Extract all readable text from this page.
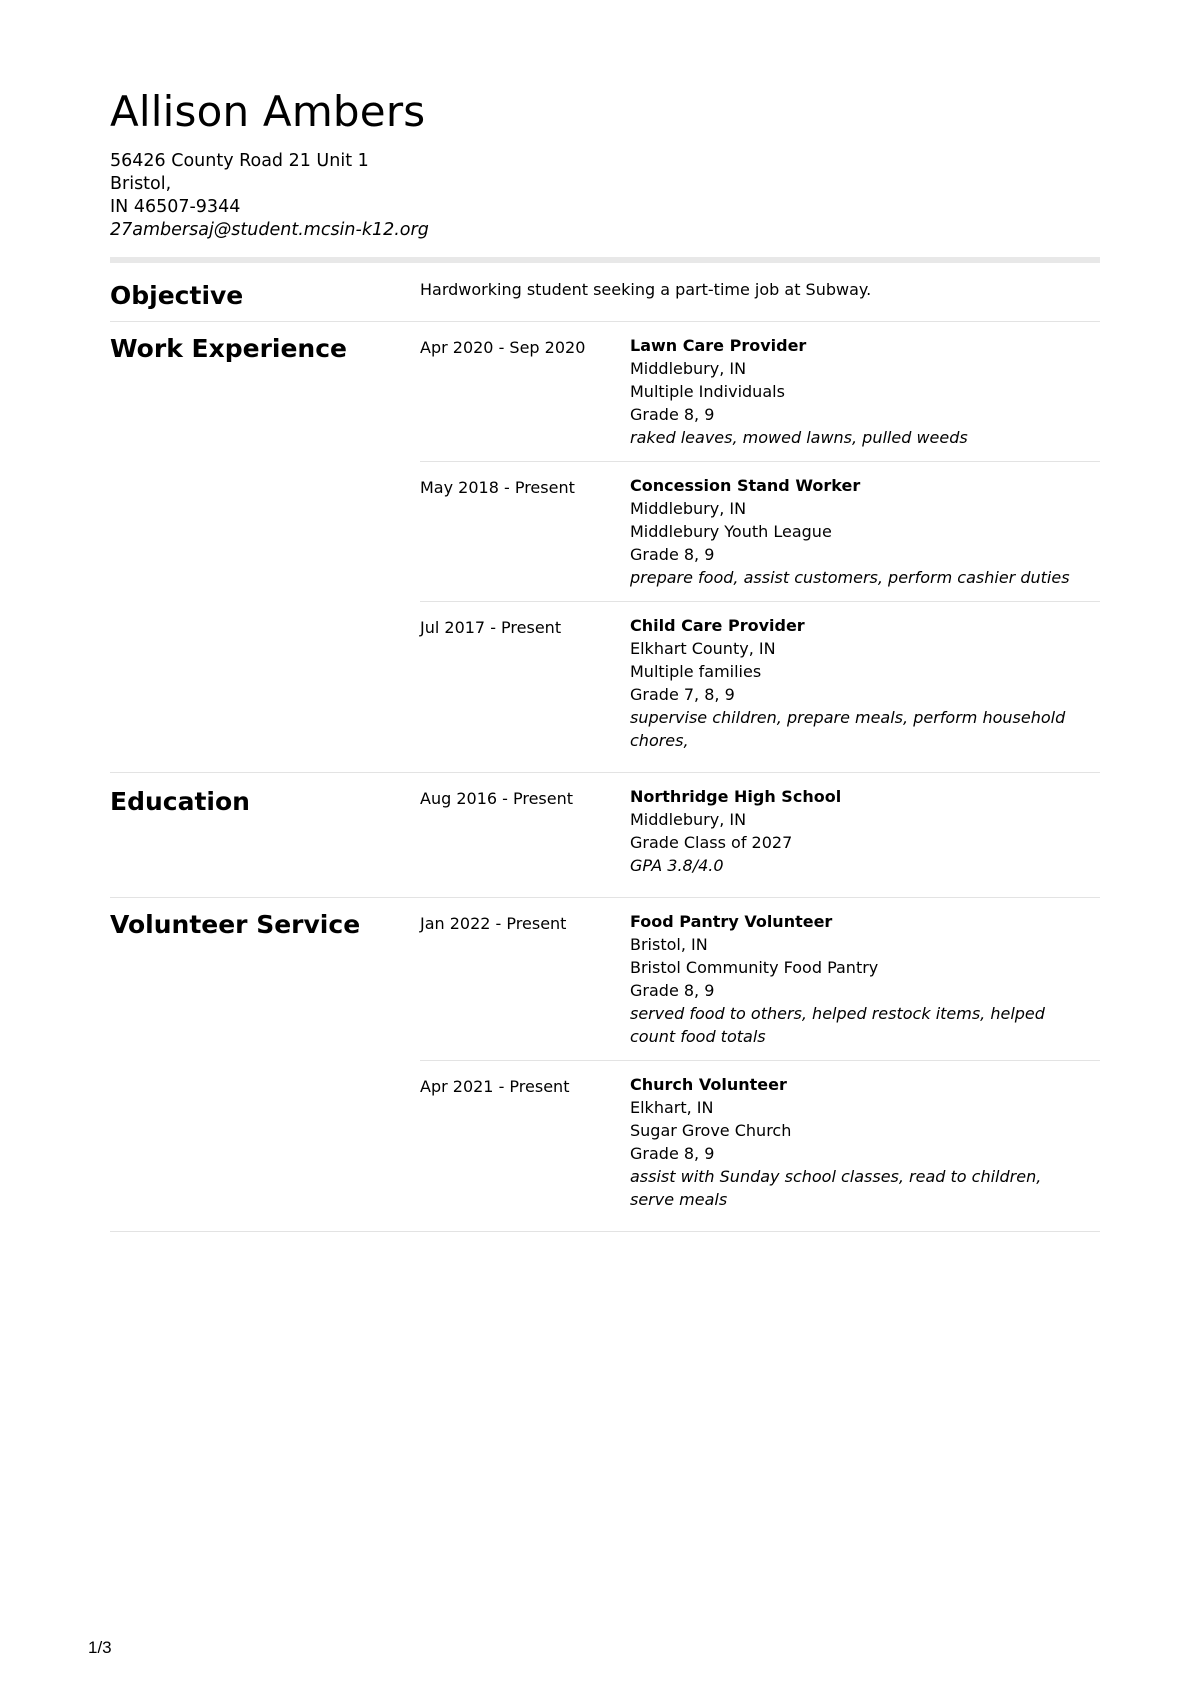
Allison Ambers
56426 County Road 21 Unit 1
Bristol,
IN 46507-9344
27ambersaj@student.mcsin-k12.org
Objective	Hardworking student seeking a part-time job at Subway.
Work Experience	Apr 2020 - Sep 2020	Lawn Care Provider
Middlebury, IN
Multiple Individuals
Grade 8, 9
raked leaves, mowed lawns, pulled weeds
May 2018 - Present	Concession Stand Worker
Middlebury, IN
Middlebury Youth League
Grade 8, 9
prepare food, assist customers, perform cashier duties
Jul 2017 - Present	Child Care Provider
Elkhart County, IN
Multiple families
Grade 7, 8, 9
supervise children, prepare meals, perform household chores,
Education	Aug 2016 - Present	Northridge High School
Middlebury, IN
Grade Class of 2027
GPA 3.8/4.0
Volunteer Service	Jan 2022 - Present	Food Pantry Volunteer
Bristol, IN
Bristol Community Food Pantry
Grade 8, 9
served food to others, helped restock items, helped count food totals
Apr 2021 - Present	Church Volunteer
Elkhart, IN
Sugar Grove Church
Grade 8, 9
assist with Sunday school classes, read to children, serve meals
1/3
